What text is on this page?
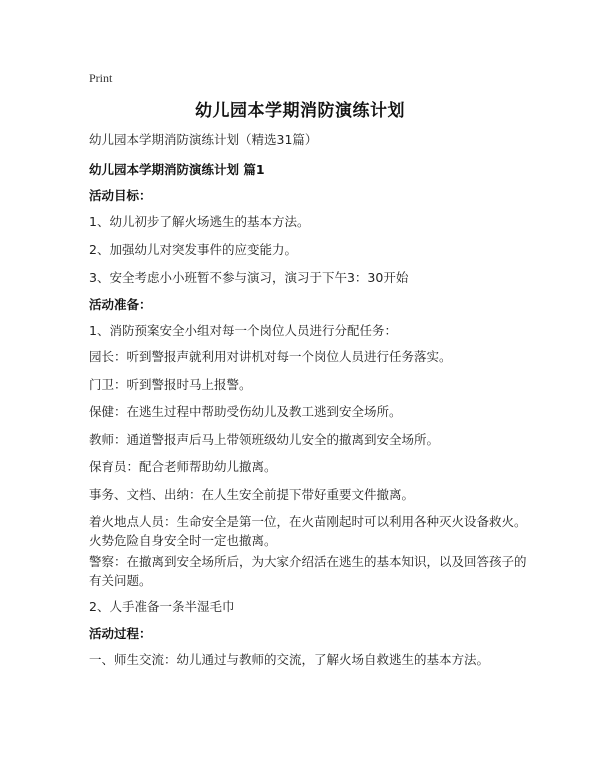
Print
幼儿园本学期消防演练计划
幼儿园本学期消防演练计划（精选31篇）
幼儿园本学期消防演练计划 篇1
活动目标：
1、幼儿初步了解火场逃生的基本方法。
2、加强幼儿对突发事件的应变能力。
3、安全考虑小小班暂不参与演习，演习于下午3：30开始
活动准备：
1、消防预案安全小组对每一个岗位人员进行分配任务：
园长：听到警报声就利用对讲机对每一个岗位人员进行任务落实。
门卫：听到警报时马上报警。
保健：在逃生过程中帮助受伤幼儿及教工逃到安全场所。
教师：通道警报声后马上带领班级幼儿安全的撤离到安全场所。
保育员：配合老师帮助幼儿撤离。
事务、文档、出纳：在人生安全前提下带好重要文件撤离。
着火地点人员：生命安全是第一位，在火苗刚起时可以利用各种灭火设备救火。火势危险自身安全时一定也撤离。
警察：在撤离到安全场所后，为大家介绍活在逃生的基本知识，以及回答孩子的有关问题。
2、人手准备一条半湿毛巾
活动过程：
一、师生交流：幼儿通过与教师的交流，了解火场自救逃生的基本方法。
